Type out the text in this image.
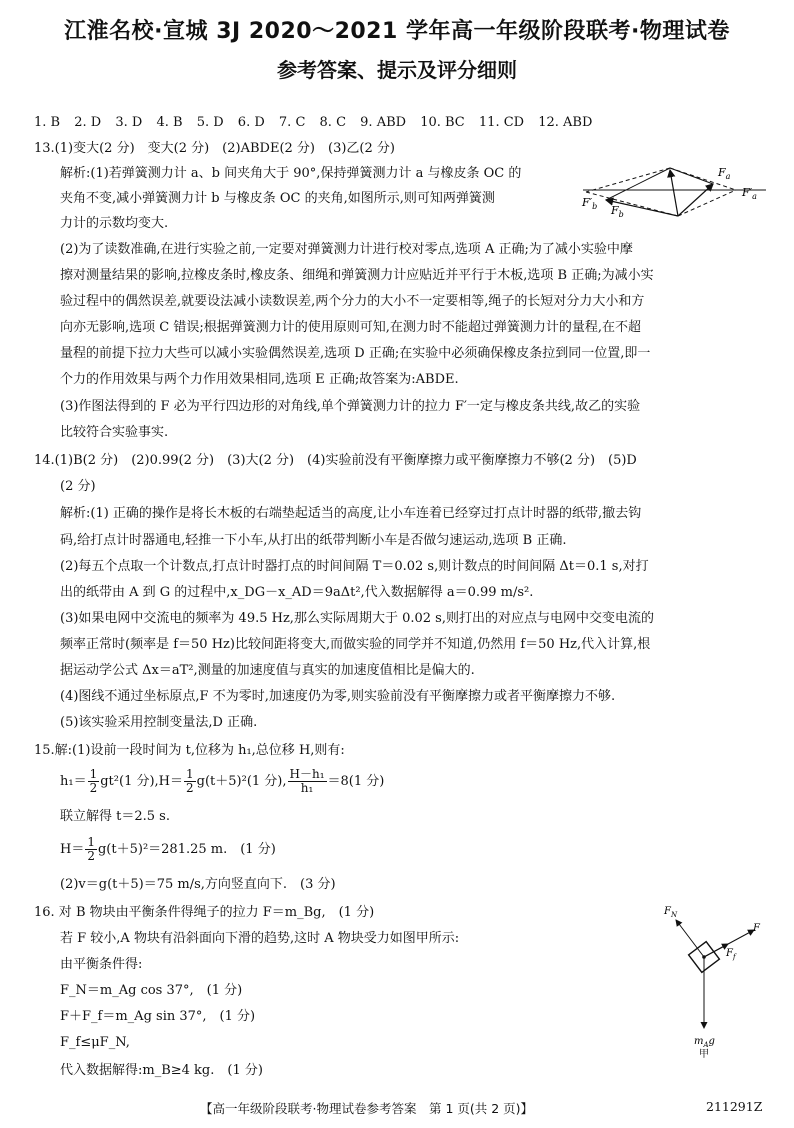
江淮名校·宣城 3J 2020～2021 学年高一年级阶段联考·物理试卷
参考答案、提示及评分细则
1. B 2. D 3. D 4. B 5. D 6. D 7. C 8. C 9. ABD 10. BC 11. CD 12. ABD
13.(1)变大(2 分)　变大(2 分)　(2)ABDE(2 分)　(3)乙(2 分)
解析:(1)若弹簧测力计 a、b 间夹角大于 90°,保持弹簧测力计 a 与橡皮条 OC 的
夹角不变,减小弹簧测力计 b 与橡皮条 OC 的夹角,如图所示,则可知两弹簧测
力计的示数均变大.
(2)为了读数准确,在进行实验之前,一定要对弹簧测力计进行校对零点,选项 A 正确;为了减小实验中摩
擦对测量结果的影响,拉橡皮条时,橡皮条、细绳和弹簧测力计应贴近并平行于木板,选项 B 正确;为减小实
验过程中的偶然误差,就要设法减小读数误差,两个分力的大小不一定要相等,绳子的长短对分力大小和方
向亦无影响,选项 C 错误;根据弹簧测力计的使用原则可知,在测力时不能超过弹簧测力计的量程,在不超
量程的前提下拉力大些可以减小实验偶然误差,选项 D 正确;在实验中必须确保橡皮条拉到同一位置,即一
个力的作用效果与两个力作用效果相同,选项 E 正确;故答案为:ABDE.
(3)作图法得到的 F 必为平行四边形的对角线,单个弹簧测力计的拉力 F′一定与橡皮条共线,故乙的实验
比较符合实验事实.
$F_a$
$F'_a$
$F'_b$ $F_b$
14.(1)B(2 分)　(2)0.99(2 分)　(3)大(2 分)　(4)实验前没有平衡摩擦力或平衡摩擦力不够(2 分)　(5)D
(2 分)
解析:(1) 正确的操作是将长木板的右端垫起适当的高度,让小车连着已经穿过打点计时器的纸带,撤去钩
码,给打点计时器通电,轻推一下小车,从打出的纸带判断小车是否做匀速运动,选项 B 正确.
(2)每五个点取一个计数点,打点计时器打点的时间间隔 T＝0.02 s,则计数点的时间间隔 Δt＝0.1 s,对打
出的纸带由 A 到 G 的过程中,x_DG－x_AD＝9aΔt²,代入数据解得 a＝0.99 m/s².
(3)如果电网中交流电的频率为 49.5 Hz,那么实际周期大于 0.02 s,则打出的对应点与电网中交变电流的
频率正常时(频率是 f＝50 Hz)比较间距将变大,而做实验的同学并不知道,仍然用 f＝50 Hz,代入计算,根
据运动学公式 Δx＝aT²,测量的加速度值与真实的加速度值相比是偏大的.
(4)图线不通过坐标原点,F 不为零时,加速度仍为零,则实验前没有平衡摩擦力或者平衡摩擦力不够.
(5)该实验采用控制变量法,D 正确.
15.解:(1)设前一段时间为 t,位移为 h₁,总位移 H,则有:
$h_1= \frac{1}{2} gt^2(1$ 分)$,H= \frac{1}{2} g(t+5)^2(1$ 分), $\frac{\text{H－h₁}}{\text{h₁}} =8(1$ 分)
联立解得 t＝2.5 s.
$H= \frac{1}{2} g(t+5)^2=281.25$ m.　(1 分)
(2)v＝g(t＋5)＝75 m/s,方向竖直向下.　(3 分)
16. 对 B 物块由平衡条件得绳子的拉力 F＝m_Bg,　(1 分)
若 F 较小,A 物块有沿斜面向下滑的趋势,这时 A 物块受力如图甲所示:
由平衡条件得:
F_N＝m_Ag cos 37°,　(1 分)
F＋F_f＝m_Ag sin 37°,　(1 分)
F_f≤μF_N,
代入数据解得:m_B≥4 kg.　(1 分)
$F_N$
F
$F_f$
$m_Ag$
甲
【高一年级阶段联考·物理试卷参考答案　第 1 页(共 2 页)】	211291Z
